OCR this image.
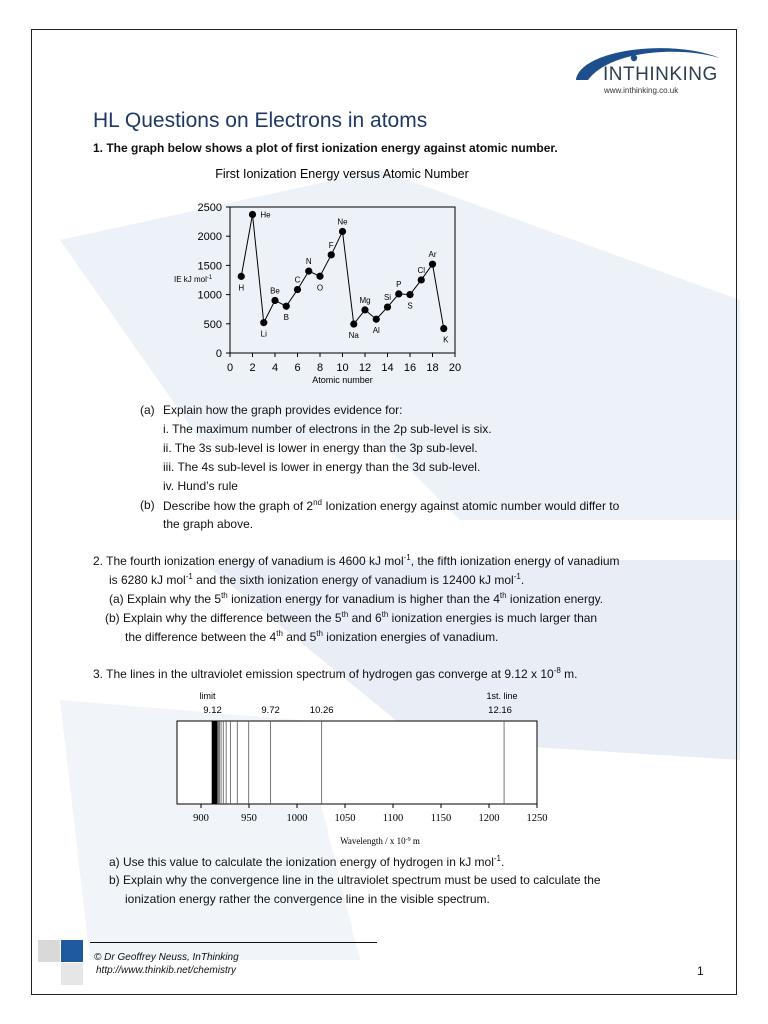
INTHINKING
www.inthinking.co.uk
HL Questions on Electrons in atoms
1. The graph below shows a plot of first ionization energy against atomic number.
First Ionization Energy versus Atomic Number
0
500
1000
1500
2000
2500
0 2 4 6 8 10 12 14 16 18 20
Atomic number
IE kJ mol$^{-1}$
H
He
Li
Be
B
C
N
O
F
Ne
Na
Mg
Al
Si
P
S
Cl
Ar
K
(a) Explain how the graph provides evidence for:
i. The maximum number of electrons in the 2p sub-level is six.
ii. The 3s sub-level is lower in energy than the 3p sub-level.
iii. The 4s sub-level is lower in energy than the 3d sub-level.
iv. Hund’s rule
(b) Describe how the graph of 2nd Ionization energy against atomic number would differ to
the graph above.
2. The fourth ionization energy of vanadium is 4600 kJ mol$^{-1}$, the fifth ionization energy of vanadium
is 6280 kJ mol$^{-1}$ and the sixth ionization energy of vanadium is 12400 kJ mol$^{-1}$.
(a) Explain why the 5th ionization energy for vanadium is higher than the 4th ionization energy.
(b) Explain why the difference between the 5th and 6th ionization energies is much larger than
the difference between the 4th and 5th ionization energies of vanadium.
3. The lines in the ultraviolet emission spectrum of hydrogen gas converge at 9.12 x $10^{-8}$ m.
900	950	1000	1050	1100	1150	1200	1250
Wavelength / x $10^{-9}$ m
limit
9.12	9.72	10.26
1st. line
12.16
a) Use this value to calculate the ionization energy of hydrogen in kJ mol$^{-1}$.
b) Explain why the convergence line in the ultraviolet spectrum must be used to calculate the
ionization energy rather the convergence line in the visible spectrum.
© Dr Geoffrey Neuss, InThinking
http://www.thinkib.net/chemistry	1
